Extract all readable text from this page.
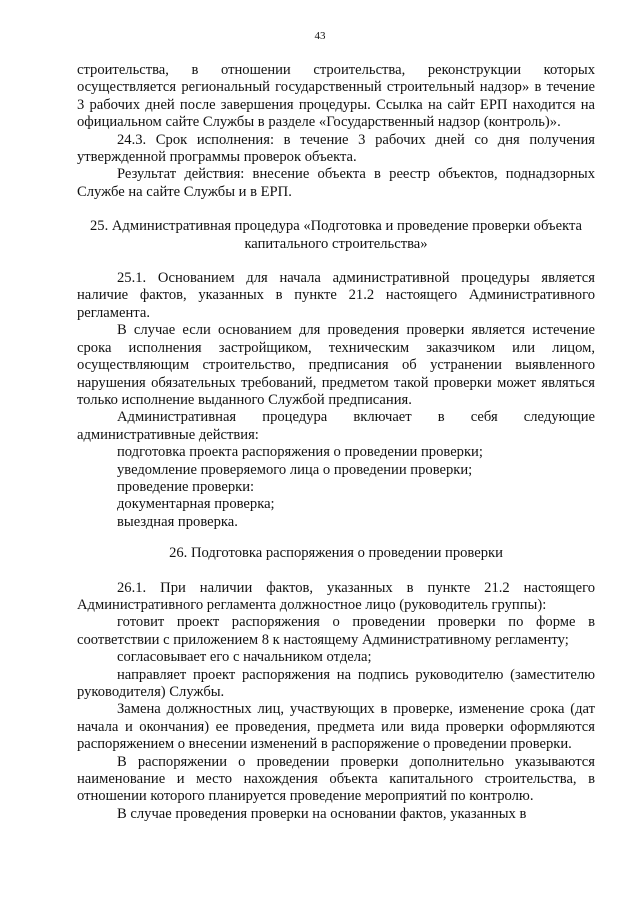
43

строительства, в отношении строительства, реконструкции которых осуществляется региональный государственный строительный надзор» в течение 3 рабочих дней после завершения процедуры. Ссылка на сайт ЕРП находится на официальном сайте Службы в разделе «Государственный надзор (контроль)».

24.3. Срок исполнения: в течение 3 рабочих дней со дня получения утвержденной программы проверок объекта.

Результат действия: внесение объекта в реестр объектов, поднадзорных Службе на сайте Службы и в ЕРП.

25. Административная процедура «Подготовка и проведение проверки объекта капитального строительства»

25.1. Основанием для начала административной процедуры является наличие фактов, указанных в пункте 21.2 настоящего Административного регламента.

В случае если основанием для проведения проверки является истечение срока исполнения застройщиком, техническим заказчиком или лицом, осуществляющим строительство, предписания об устранении выявленного нарушения обязательных требований, предметом такой проверки может являться только исполнение выданного Службой предписания.

Административная процедура включает в себя следующие административные действия:

подготовка проекта распоряжения о проведении проверки;

уведомление проверяемого лица о проведении проверки;

проведение проверки:

документарная проверка;

выездная проверка.

26. Подготовка распоряжения о проведении проверки

26.1. При наличии фактов, указанных в пункте 21.2 настоящего Административного регламента должностное лицо (руководитель группы):

готовит проект распоряжения о проведении проверки по форме в соответствии с приложением 8 к настоящему Административному регламенту;

согласовывает его с начальником отдела;

направляет проект распоряжения на подпись руководителю (заместителю руководителя) Службы.

Замена должностных лиц, участвующих в проверке, изменение срока (дат начала и окончания) ее проведения, предмета или вида проверки оформляются распоряжением о внесении изменений в распоряжение о проведении проверки.

В распоряжении о проведении проверки дополнительно указываются наименование и место нахождения объекта капитального строительства, в отношении которого планируется проведение мероприятий по контролю.

В случае проведения проверки на основании фактов, указанных в
